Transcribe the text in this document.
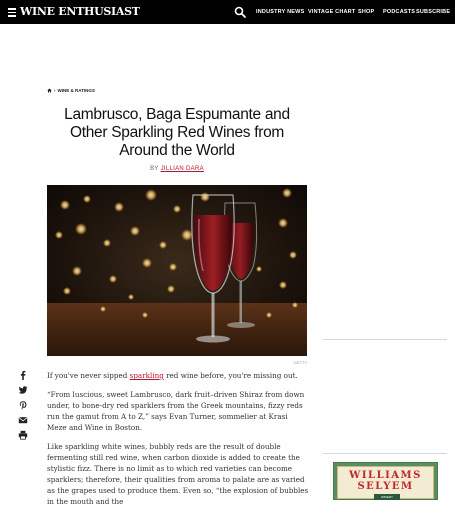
WINE ENTHUSIAST	INDUSTRY NEWS VINTAGE CHART SHOP PODCASTS SUBSCRIBE
› WINE & RATINGS
Lambrusco, Baga Espumante and Other Sparkling Red Wines from Around the World
BY JILLIAN DARA
GETTY

If you've never sipped sparkling red wine before, you're missing out.

“From luscious, sweet Lambrusco, dark fruit–driven Shiraz from down under, to bone-dry red sparklers from the Greek mountains, fizzy reds run the gamut from A to Z,” says Evan Turner, sommelier at Krasi Meze and Wine in Boston.

Like sparkling white wines, bubbly reds are the result of double fermenting still red wine, when carbon dioxide is added to create the stylistic fizz. There is no limit as to which red varieties can become sparklers; therefore, their qualities from aroma to palate are as varied as the grapes used to produce them. Even so, “the explosion of bubbles in the mouth and the

WILLIAMS
SELYEM
WINERY
